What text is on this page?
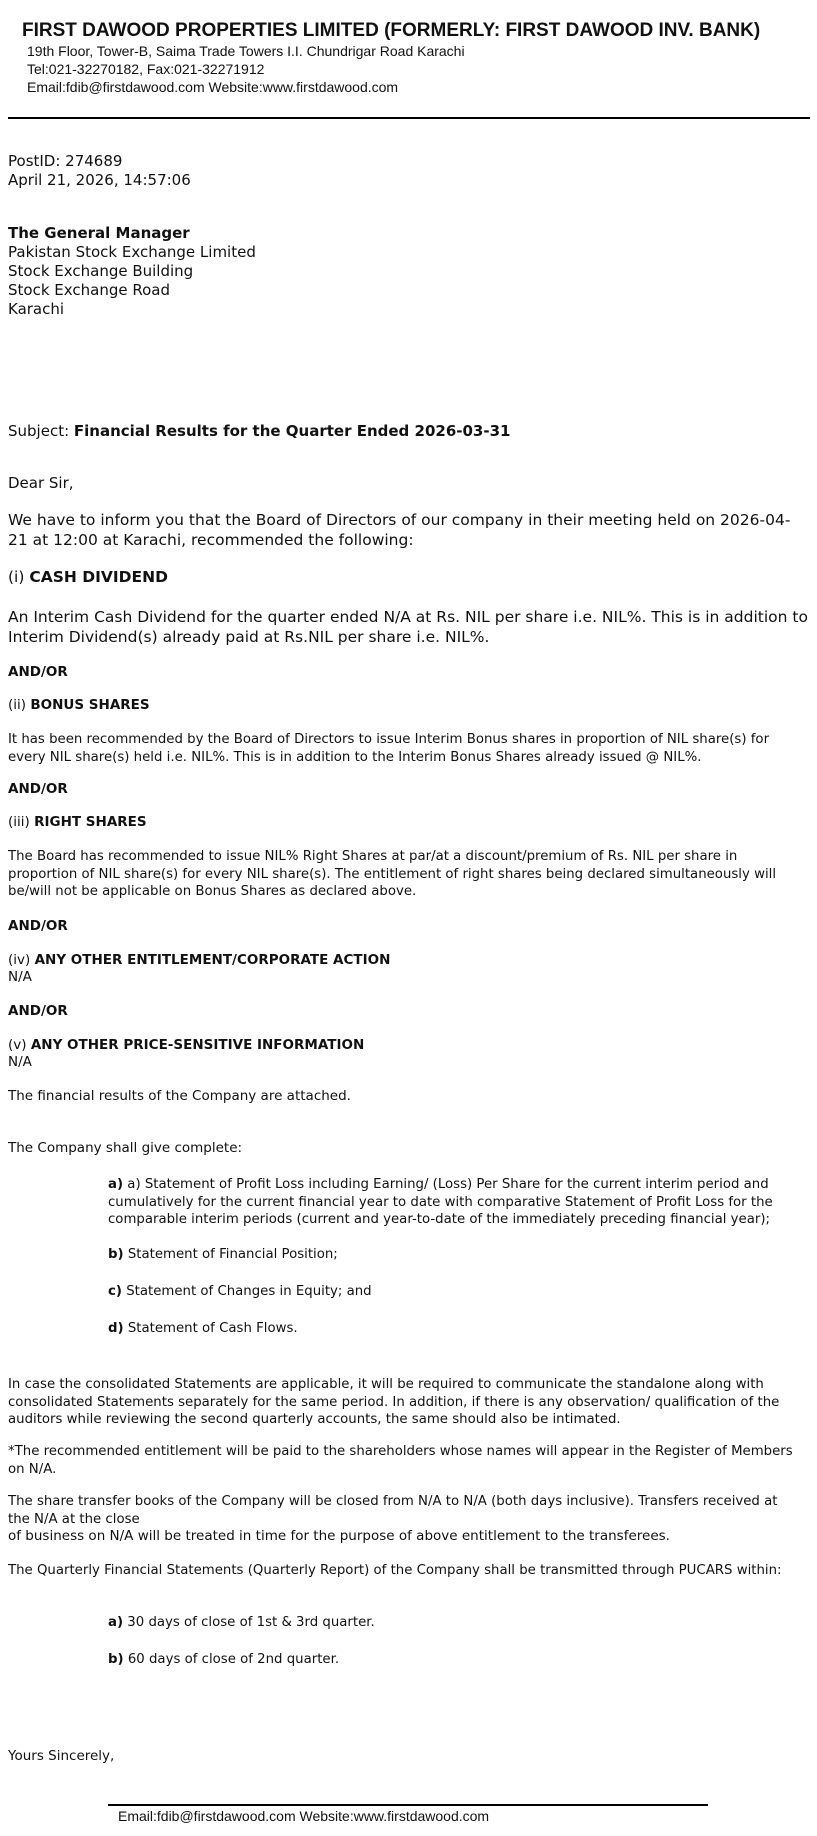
FIRST DAWOOD PROPERTIES LIMITED (FORMERLY: FIRST DAWOOD INV. BANK)
19th Floor, Tower-B, Saima Trade Towers I.I. Chundrigar Road Karachi
Tel:021-32270182, Fax:021-32271912
Email:fdib@firstdawood.com Website:www.firstdawood.com
PostID: 274689
April 21, 2026, 14:57:06
The General Manager
Pakistan Stock Exchange Limited
Stock Exchange Building
Stock Exchange Road
Karachi
Subject: Financial Results for the Quarter Ended 2026-03-31
Dear Sir,
We have to inform you that the Board of Directors of our company in their meeting held on 2026-04-21 at 12:00 at Karachi, recommended the following:
(i) CASH DIVIDEND
An Interim Cash Dividend for the quarter ended N/A at Rs. NIL per share i.e. NIL%. This is in addition to Interim Dividend(s) already paid at Rs.NIL per share i.e. NIL%.
AND/OR
(ii) BONUS SHARES
It has been recommended by the Board of Directors to issue Interim Bonus shares in proportion of NIL share(s) for every NIL share(s) held i.e. NIL%. This is in addition to the Interim Bonus Shares already issued @ NIL%.
AND/OR
(iii) RIGHT SHARES
The Board has recommended to issue NIL% Right Shares at par/at a discount/premium of Rs. NIL per share in proportion of NIL share(s) for every NIL share(s). The entitlement of right shares being declared simultaneously will be/will not be applicable on Bonus Shares as declared above.
AND/OR
(iv) ANY OTHER ENTITLEMENT/CORPORATE ACTION
N/A
AND/OR
(v) ANY OTHER PRICE-SENSITIVE INFORMATION
N/A
The financial results of the Company are attached.
The Company shall give complete:
a) a) Statement of Profit Loss including Earning/ (Loss) Per Share for the current interim period and cumulatively for the current financial year to date with comparative Statement of Profit Loss for the comparable interim periods (current and year-to-date of the immediately preceding financial year);
b) Statement of Financial Position;
c) Statement of Changes in Equity; and
d) Statement of Cash Flows.
In case the consolidated Statements are applicable, it will be required to communicate the standalone along with consolidated Statements separately for the same period. In addition, if there is any observation/ qualification of the auditors while reviewing the second quarterly accounts, the same should also be intimated.
*The recommended entitlement will be paid to the shareholders whose names will appear in the Register of Members on N/A.
The share transfer books of the Company will be closed from N/A to N/A (both days inclusive). Transfers received at the N/A at the close
of business on N/A will be treated in time for the purpose of above entitlement to the transferees.
The Quarterly Financial Statements (Quarterly Report) of the Company shall be transmitted through PUCARS within:
a) 30 days of close of 1st & 3rd quarter.
b) 60 days of close of 2nd quarter.
Yours Sincerely,
Email:fdib@firstdawood.com Website:www.firstdawood.com
